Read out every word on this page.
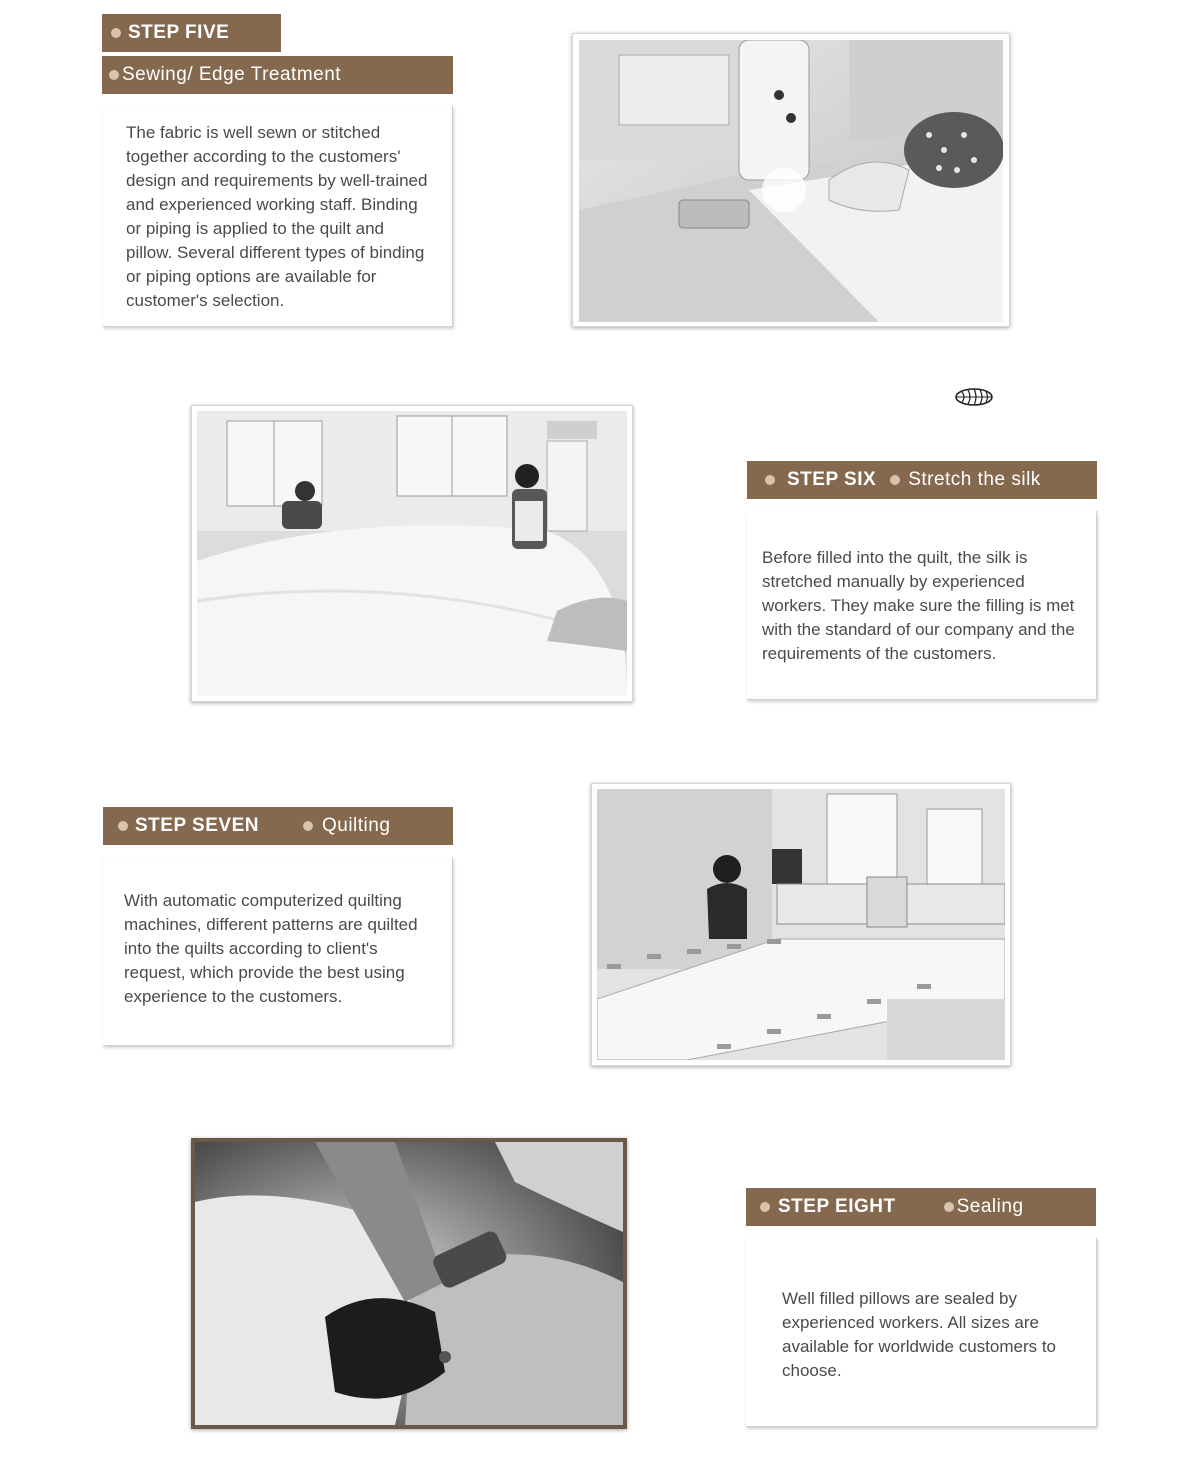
STEP FIVE
Sewing/ Edge Treatment

The fabric is well sewn or stitched together according to the customers' design and requirements by well-trained and experienced working staff. Binding or piping is applied to the quilt and pillow. Several different types of binding or piping options are available for customer's selection.

STEP SIX Stretch the silk

Before filled into the quilt, the silk is stretched manually by experienced workers. They make sure the filling is met with the standard of our company and the requirements of the customers.

STEP SEVEN	Quilting

With automatic computerized quilting machines, different patterns are quilted into the quilts according to client's request, which provide the best using experience to the customers.

STEP EIGHT	Sealing

Well filled pillows are sealed by experienced workers. All sizes are available for worldwide customers to choose.
